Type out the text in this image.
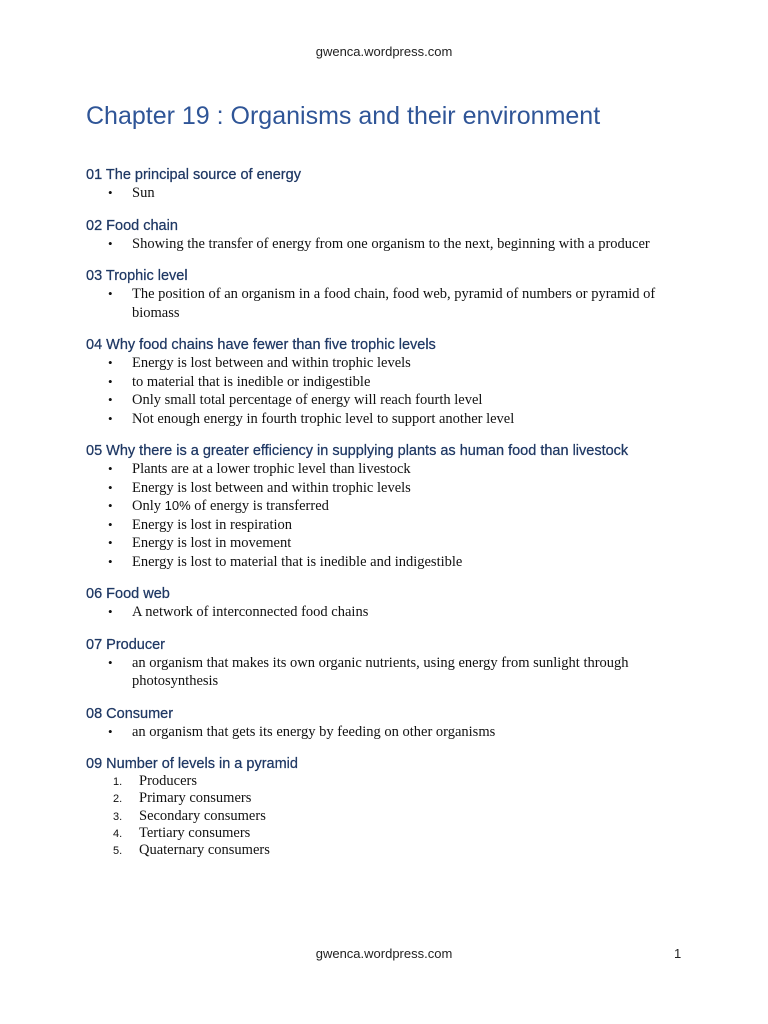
gwenca.wordpress.com
Chapter 19 : Organisms and their environment
01 The principal source of energy
• Sun
02 Food chain
• Showing the transfer of energy from one organism to the next, beginning with a producer
03 Trophic level
• The position of an organism in a food chain, food web, pyramid of numbers or pyramid of biomass
04 Why food chains have fewer than five trophic levels
• Energy is lost between and within trophic levels
• to material that is inedible or indigestible
• Only small total percentage of energy will reach fourth level
• Not enough energy in fourth trophic level to support another level
05 Why there is a greater efficiency in supplying plants as human food than livestock
• Plants are at a lower trophic level than livestock
• Energy is lost between and within trophic levels
• Only 10% of energy is transferred
• Energy is lost in respiration
• Energy is lost in movement
• Energy is lost to material that is inedible and indigestible
06 Food web
• A network of interconnected food chains
07 Producer
• an organism that makes its own organic nutrients, using energy from sunlight through photosynthesis
08 Consumer
• an organism that gets its energy by feeding on other organisms
09 Number of levels in a pyramid
1. Producers
2. Primary consumers
3. Secondary consumers
4. Tertiary consumers
5. Quaternary consumers
gwenca.wordpress.com	1
